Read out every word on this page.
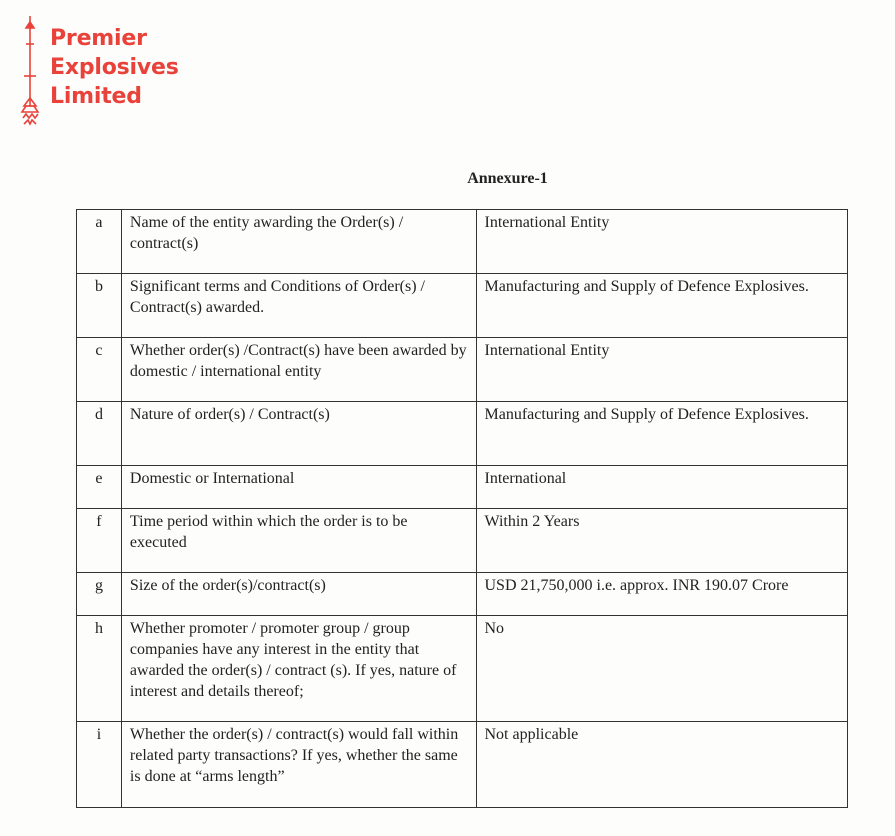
Premier
Explosives
Limited
Annexure-1
a	Name of the entity awarding the Order(s) / contract(s)	International Entity
b	Significant terms and Conditions of Order(s) / Contract(s) awarded.	Manufacturing and Supply of Defence Explosives.
c	Whether order(s) /Contract(s) have been awarded by domestic / international entity	International Entity
d	Nature of order(s) / Contract(s)	Manufacturing and Supply of Defence Explosives.
e	Domestic or International	International
f	Time period within which the order is to be executed	Within 2 Years
g	Size of the order(s)/contract(s)	USD 21,750,000 i.e. approx. INR 190.07 Crore
h	Whether promoter / promoter group / group companies have any interest in the entity that awarded the order(s) / contract (s). If yes, nature of interest and details thereof;	No
i	Whether the order(s) / contract(s) would fall within related party transactions? If yes, whether the same is done at “arms length”	Not applicable
